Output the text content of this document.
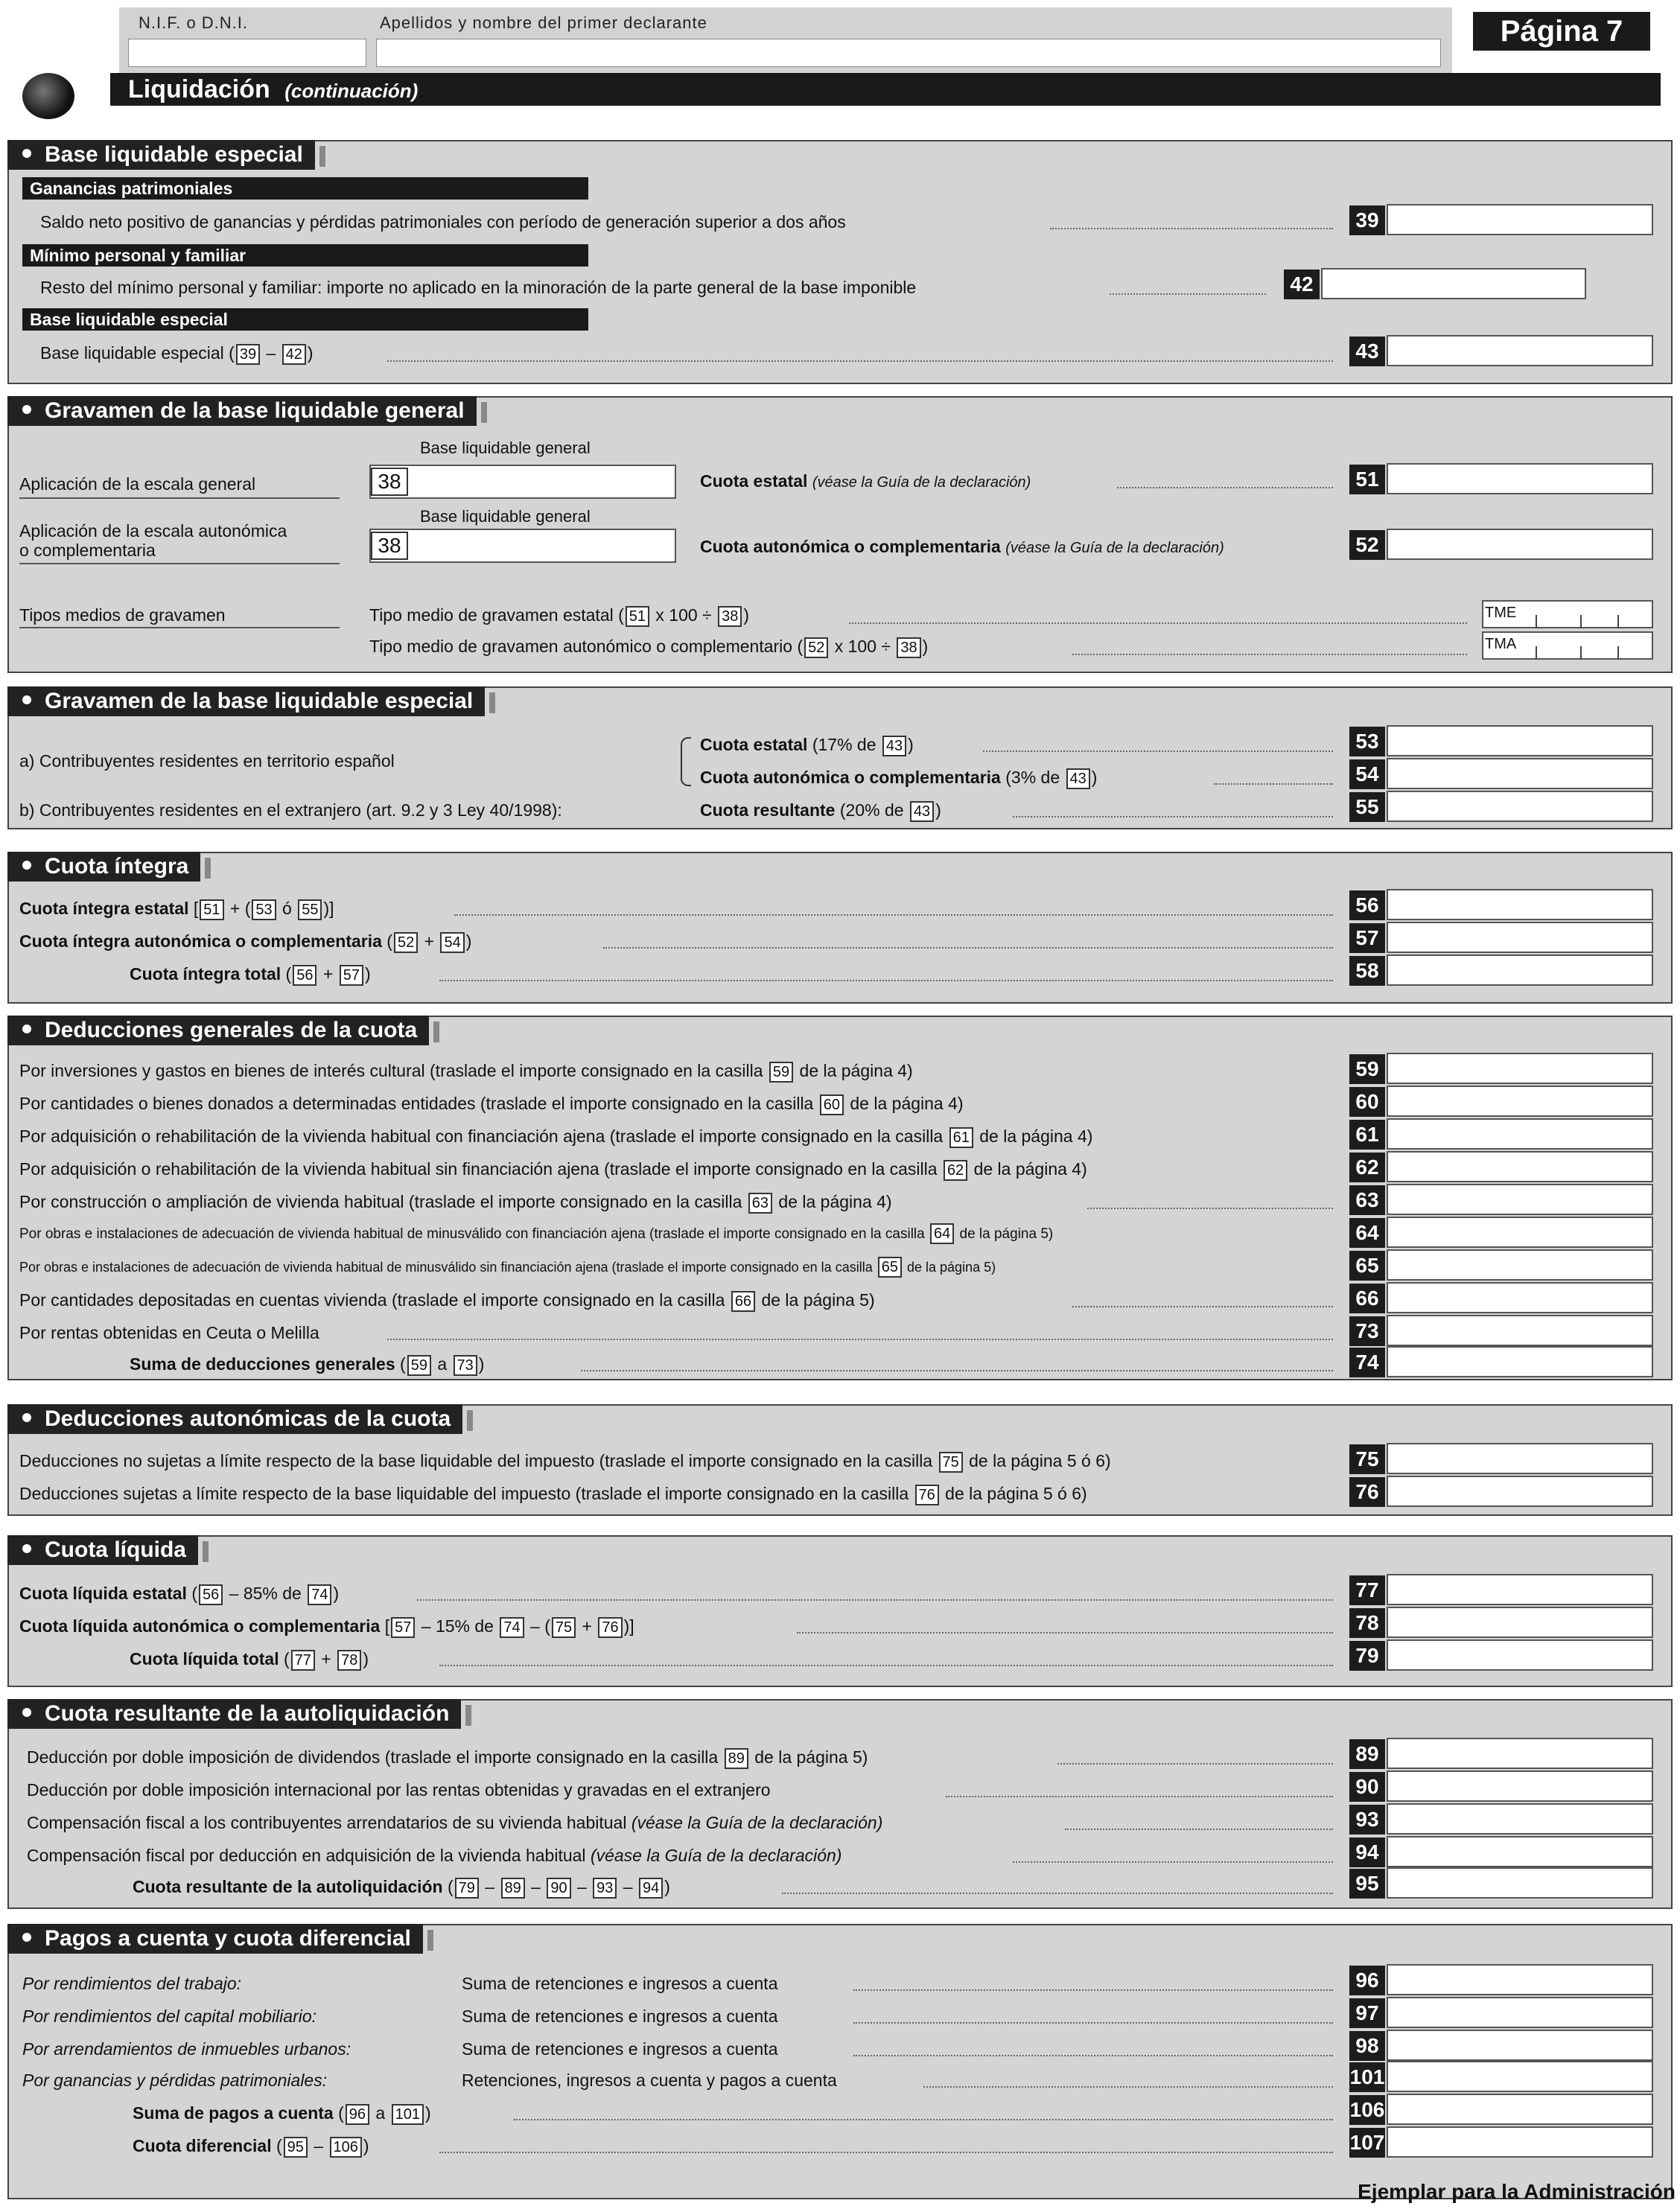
N.I.F. o D.N.I.	Apellidos y nombre del primer declarante	Página 7
Liquidación (continuación)
Base liquidable especial
Ganancias patrimoniales
Saldo neto positivo de ganancias y pérdidas patrimoniales con período de generación superior a dos años	39
Mínimo personal y familiar
Resto del mínimo personal y familiar: importe no aplicado en la minoración de la parte general de la base imponible	42
Base liquidable especial
Base liquidable especial ( 39 – 42 )	43
Gravamen de la base liquidable general
Base liquidable general
Aplicación de la escala general	38	Cuota estatal (véase la Guía de la declaración)	51
Base liquidable general
Aplicación de la escala autonómica
o complementaria	38	Cuota autonómica o complementaria (véase la Guía de la declaración)	52
Tipos medios de gravamen	Tipo medio de gravamen estatal ( 51 x 100 ÷ 38 )	TME
Tipo medio de gravamen autonómico o complementario ( 52 x 100 ÷ 38 )	TMA
Gravamen de la base liquidable especial
a) Contribuyentes residentes en territorio español
Cuota estatal (17% de 43 )	53
Cuota autonómica o complementaria (3% de 43 )	54
b) Contribuyentes residentes en el extranjero (art. 9.2 y 3 Ley 40/1998):	Cuota resultante (20% de 43 )	55
Cuota íntegra
Cuota íntegra estatal [ 51 + ( 53 ó 55 )]	56
Cuota íntegra autonómica o complementaria ( 52 + 54 )	57
Cuota íntegra total ( 56 + 57 )	58
Deducciones generales de la cuota
Por inversiones y gastos en bienes de interés cultural (traslade el importe consignado en la casilla 59 de la página 4)	59
Por cantidades o bienes donados a determinadas entidades (traslade el importe consignado en la casilla 60 de la página 4)	60
Por adquisición o rehabilitación de la vivienda habitual con financiación ajena (traslade el importe consignado en la casilla 61 de la página 4)	61
Por adquisición o rehabilitación de la vivienda habitual sin financiación ajena (traslade el importe consignado en la casilla 62 de la página 4)	62
Por construcción o ampliación de vivienda habitual (traslade el importe consignado en la casilla 63 de la página 4)	63
Por obras e instalaciones de adecuación de vivienda habitual de minusválido con financiación ajena (traslade el importe consignado en la casilla 64 de la página 5)	64
Por obras e instalaciones de adecuación de vivienda habitual de minusválido sin financiación ajena (traslade el importe consignado en la casilla 65 de la página 5)	65
Por cantidades depositadas en cuentas vivienda (traslade el importe consignado en la casilla 66 de la página 5)	66
Por rentas obtenidas en Ceuta o Melilla	73
Suma de deducciones generales ( 59 a 73 )	74
Deducciones autonómicas de la cuota
Deducciones no sujetas a límite respecto de la base liquidable del impuesto (traslade el importe consignado en la casilla 75 de la página 5 ó 6)	75
Deducciones sujetas a límite respecto de la base liquidable del impuesto (traslade el importe consignado en la casilla 76 de la página 5 ó 6)	76
Cuota líquida
Cuota líquida estatal ( 56 – 85% de 74 )	77
Cuota líquida autonómica o complementaria [ 57 – 15% de 74 – ( 75 + 76 )]	78
Cuota líquida total ( 77 + 78 )	79
Cuota resultante de la autoliquidación
Deducción por doble imposición de dividendos (traslade el importe consignado en la casilla 89 de la página 5)	89
Deducción por doble imposición internacional por las rentas obtenidas y gravadas en el extranjero	90
Compensación fiscal a los contribuyentes arrendatarios de su vivienda habitual (véase la Guía de la declaración)	93
Compensación fiscal por deducción en adquisición de la vivienda habitual (véase la Guía de la declaración)	94
Cuota resultante de la autoliquidación ( 79 – 89 – 90 – 93 – 94 )	95
Pagos a cuenta y cuota diferencial
Por rendimientos del trabajo:	Suma de retenciones e ingresos a cuenta	96
Por rendimientos del capital mobiliario:	Suma de retenciones e ingresos a cuenta	97
Por arrendamientos de inmuebles urbanos:	Suma de retenciones e ingresos a cuenta	98
Por ganancias y pérdidas patrimoniales:	Retenciones, ingresos a cuenta y pagos a cuenta	101
Suma de pagos a cuenta ( 96 a 101 )	106
Cuota diferencial ( 95 – 106 )	107
Ejemplar para la Administración
